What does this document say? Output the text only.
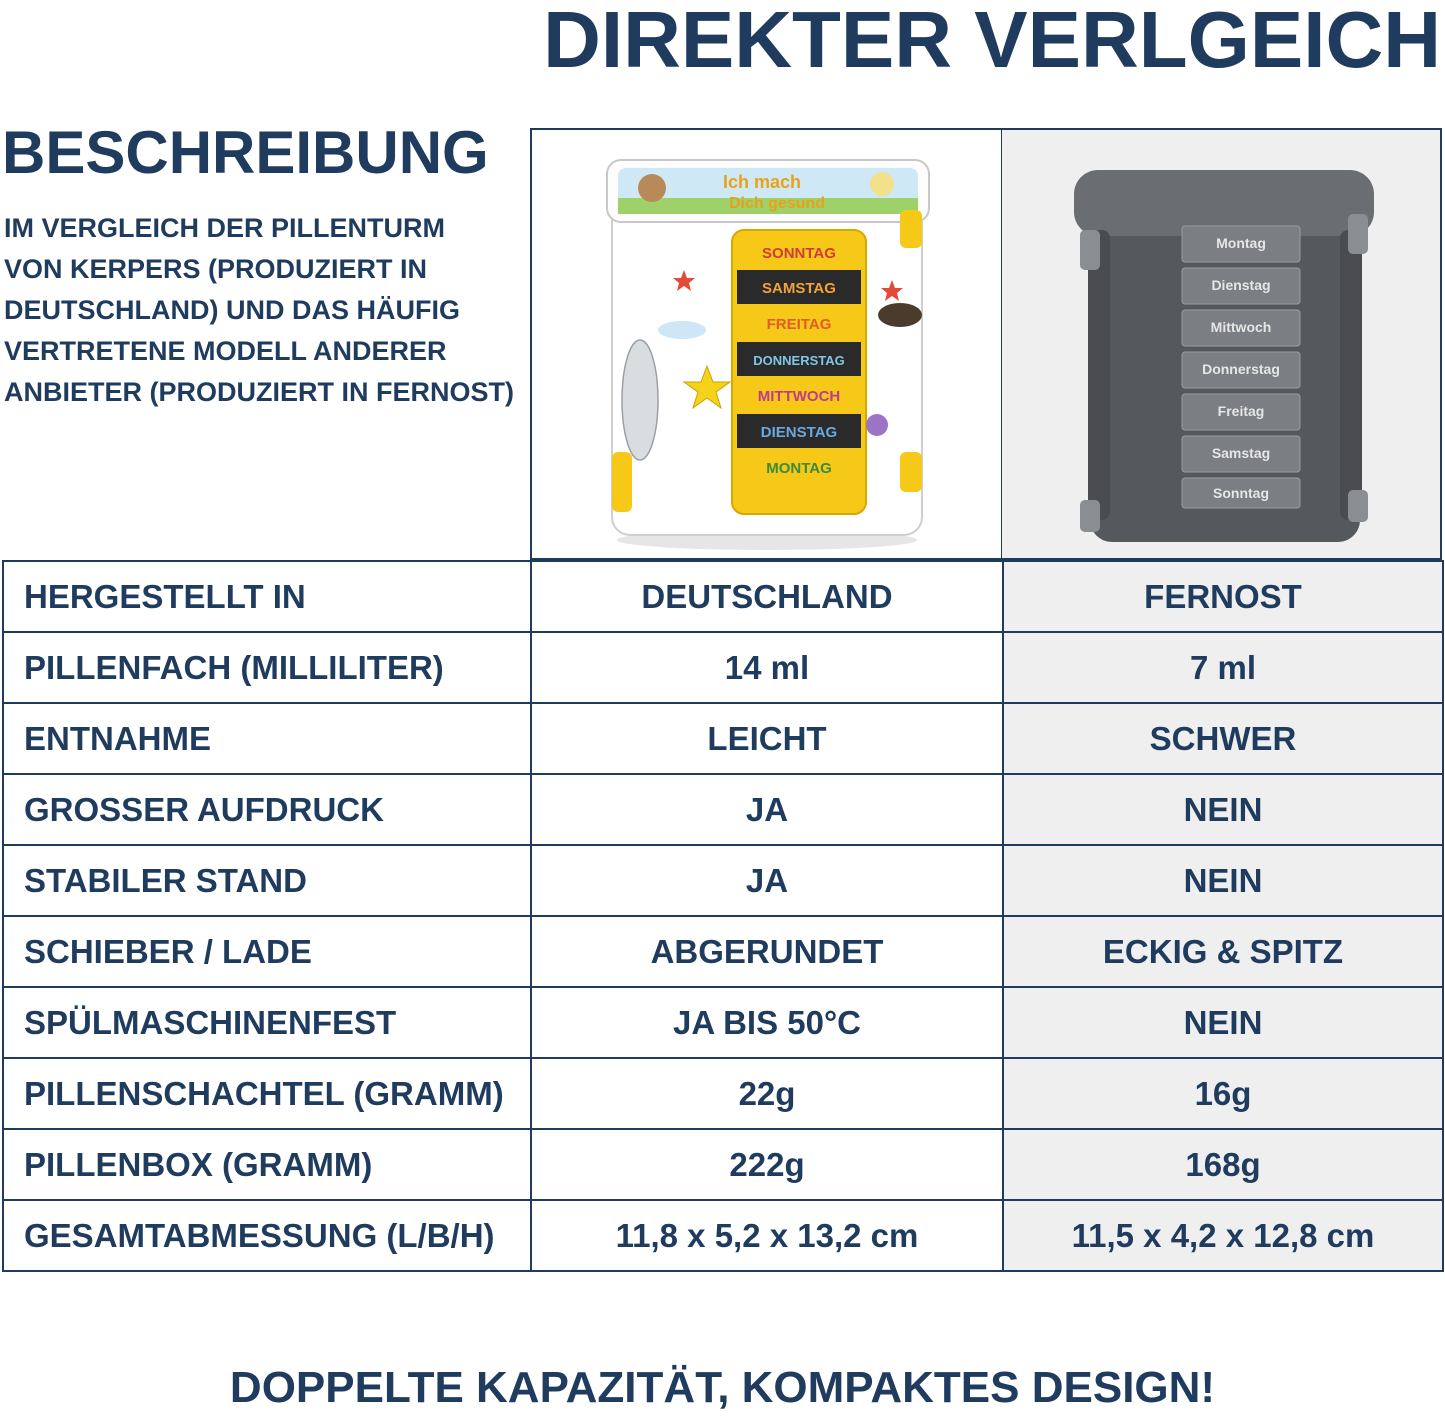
DIREKTER VERLGEICH
BESCHREIBUNG
IM VERGLEICH DER PILLENTURM
VON KERPERS (PRODUZIERT IN
DEUTSCHLAND) UND DAS HÄUFIG
VERTRETENE MODELL ANDERER
ANBIETER (PRODUZIERT IN FERNOST)
Ich mach
Dich gesund
SONNTAG
SAMSTAG
FREITAG
DONNERSTAG
MITTWOCH
DIENSTAG
MONTAG
Montag
Dienstag
Mittwoch
Donnerstag
Freitag
Samstag
Sonntag
HERGESTELLT IN	DEUTSCHLAND	FERNOST
PILLENFACH (MILLILITER)	14 ml	7 ml
ENTNAHME	LEICHT	SCHWER
GROSSER AUFDRUCK	JA	NEIN
STABILER STAND	JA	NEIN
SCHIEBER / LADE	ABGERUNDET	ECKIG & SPITZ
SPÜLMASCHINENFEST	JA BIS 50°C	NEIN
PILLENSCHACHTEL (GRAMM)	22g	16g
PILLENBOX (GRAMM)	222g	168g
GESAMTABMESSUNG (L/B/H)	11,8 x 5,2 x 13,2 cm	11,5 x 4,2 x 12,8 cm
DOPPELTE KAPAZITÄT, KOMPAKTES DESIGN!
